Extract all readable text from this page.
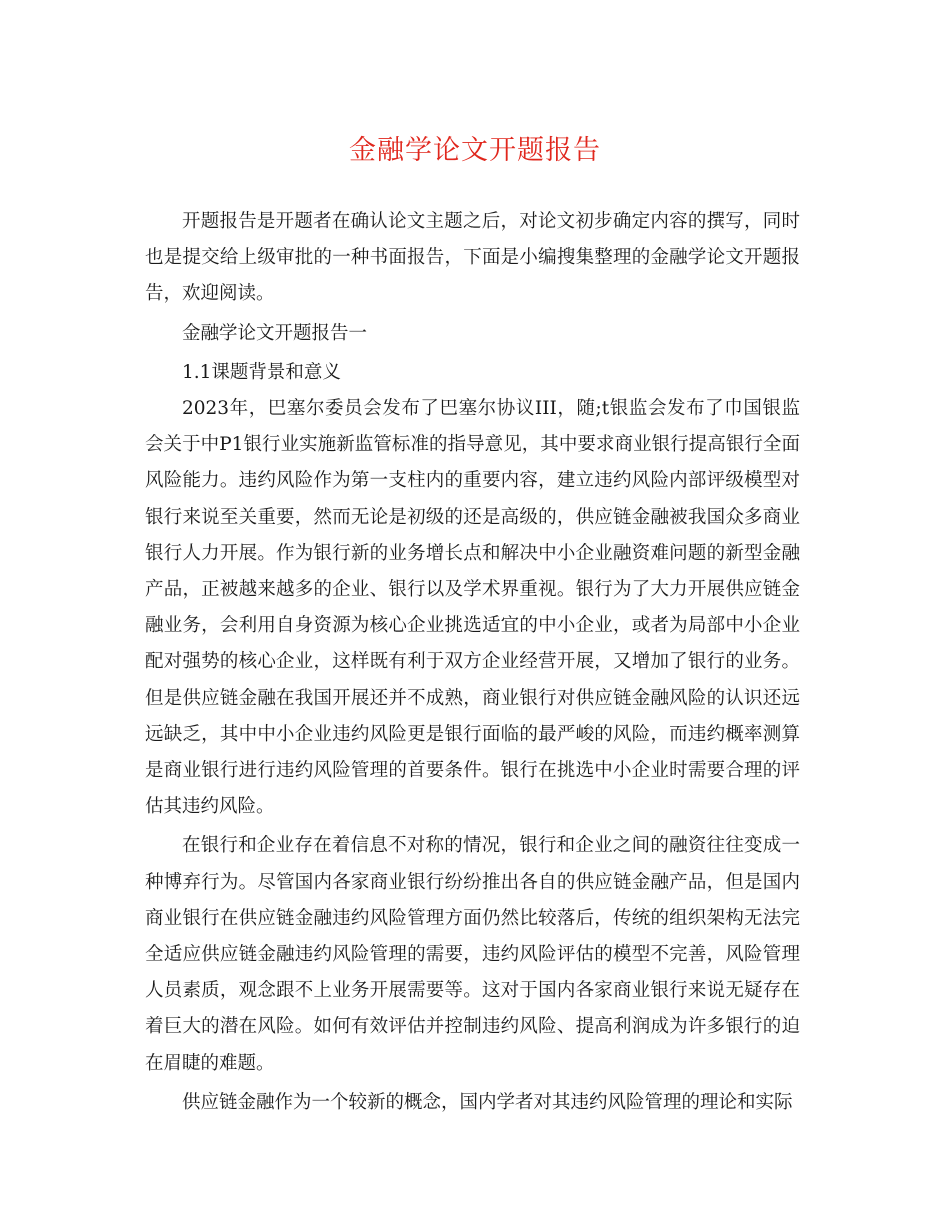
金融学论文开题报告

开题报告是开题者在确认论文主题之后，对论文初步确定内容的撰写，同时也是提交给上级审批的一种书面报告，下面是小编搜集整理的金融学论文开题报告，欢迎阅读。

金融学论文开题报告一

1.1课题背景和意义

2023年，巴塞尔委员会发布了巴塞尔协议III，随;t银监会发布了巾国银监会关于中P1银行业实施新监管标准的指导意见，其中要求商业银行提高银行全面风险能力。违约风险作为第一支柱内的重要内容，建立违约风险内部评级模型对银行来说至关重要，然而无论是初级的还是高级的，供应链金融被我国众多商业银行人力开展。作为银行新的业务增长点和解决中小企业融资难问题的新型金融产品，正被越来越多的企业、银行以及学术界重视。银行为了大力开展供应链金融业务，会利用自身资源为核心企业挑选适宜的中小企业，或者为局部中小企业配对强势的核心企业，这样既有利于双方企业经营开展，又增加了银行的业务。但是供应链金融在我国开展还并不成熟，商业银行对供应链金融风险的认识还远远缺乏，其中中小企业违约风险更是银行面临的最严峻的风险，而违约概率测算是商业银行进行违约风险管理的首要条件。银行在挑选中小企业时需要合理的评估其违约风险。

在银行和企业存在着信息不对称的情况，银行和企业之间的融资往往变成一种博弃行为。尽管国内各家商业银行纷纷推出各自的供应链金融产品，但是国内商业银行在供应链金融违约风险管理方面仍然比较落后，传统的组织架构无法完全适应供应链金融违约风险管理的需要，违约风险评估的模型不完善，风险管理人员素质，观念跟不上业务开展需要等。这对于国内各家商业银行来说无疑存在着巨大的潜在风险。如何有效评估并控制违约风险、提高利润成为许多银行的迫在眉睫的难题。

供应链金融作为一个较新的概念，国内学者对其违约风险管理的理论和实际
